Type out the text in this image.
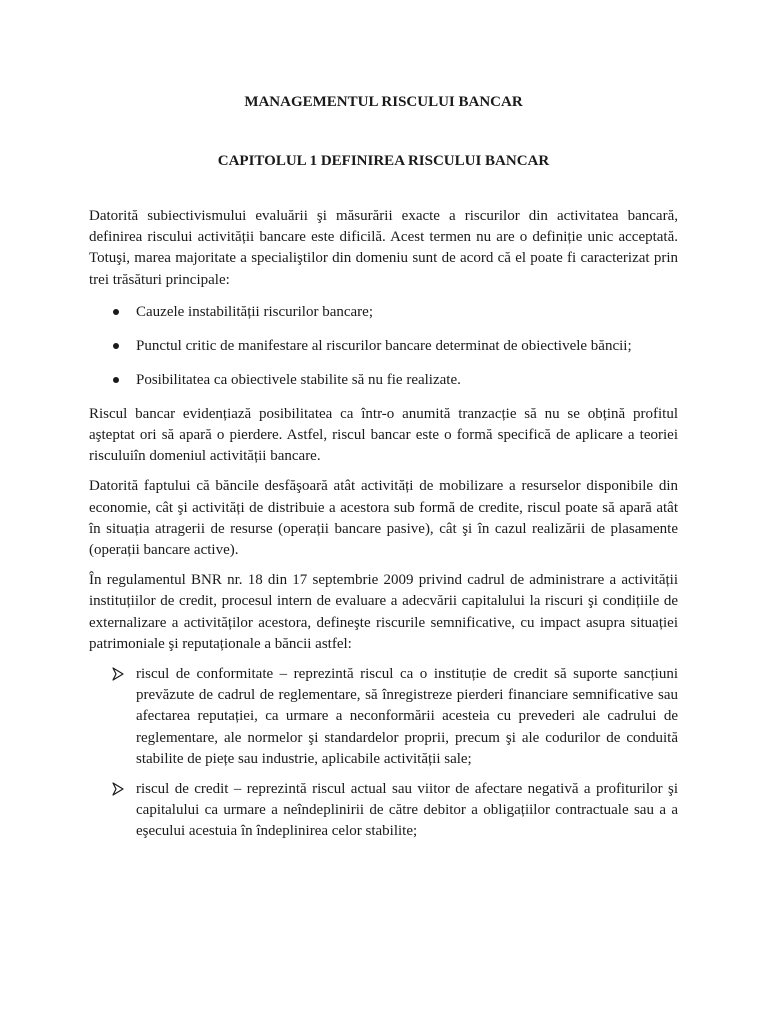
MANAGEMENTUL RISCULUI BANCAR
CAPITOLUL 1 DEFINIREA RISCULUI BANCAR

Datorită subiectivismului evaluării şi măsurării exacte a riscurilor din activitatea bancară, definirea riscului activității bancare este dificilă. Acest termen nu are o definiție unic acceptată. Totuşi, marea majoritate a specialiştilor din domeniu sunt de acord că el poate fi caracterizat prin trei trăsături principale:

Cauzele instabilității riscurilor bancare;
Punctul critic de manifestare al riscurilor bancare determinat de obiectivele băncii;
Posibilitatea ca obiectivele stabilite să nu fie realizate.

Riscul bancar evidențiază posibilitatea ca într-o anumită tranzacție să nu se obțină profitul aşteptat ori să apară o pierdere. Astfel, riscul bancar este o formă specifică de aplicare a teoriei risculuiîn domeniul activității bancare.

Datorită faptului că băncile desfăşoară atât activități de mobilizare a resurselor disponibile din economie, cât şi activități de distribuie a acestora sub formă de credite, riscul poate să apară atât în situația atragerii de resurse (operații bancare pasive), cât şi în cazul realizării de plasamente (operații bancare active).

În regulamentul BNR nr. 18 din 17 septembrie 2009 privind cadrul de administrare a activității instituțiilor de credit, procesul intern de evaluare a adecvării capitalului la riscuri şi condițiile de externalizare a activităților acestora, defineşte riscurile semnificative, cu impact asupra situației patrimoniale şi reputaționale a băncii astfel:

riscul de conformitate – reprezintă riscul ca o instituție de credit să suporte sancțiuni prevăzute de cadrul de reglementare, să înregistreze pierderi financiare semnificative sau afectarea reputației, ca urmare a neconformării acesteia cu prevederi ale cadrului de reglementare, ale normelor şi standardelor proprii, precum şi ale codurilor de conduită stabilite de piețe sau industrie, aplicabile activității sale;
riscul de credit – reprezintă riscul actual sau viitor de afectare negativă a profiturilor şi capitalului ca urmare a neîndeplinirii de către debitor a obligațiilor contractuale sau a a eşecului acestuia în îndeplinirea celor stabilite;
